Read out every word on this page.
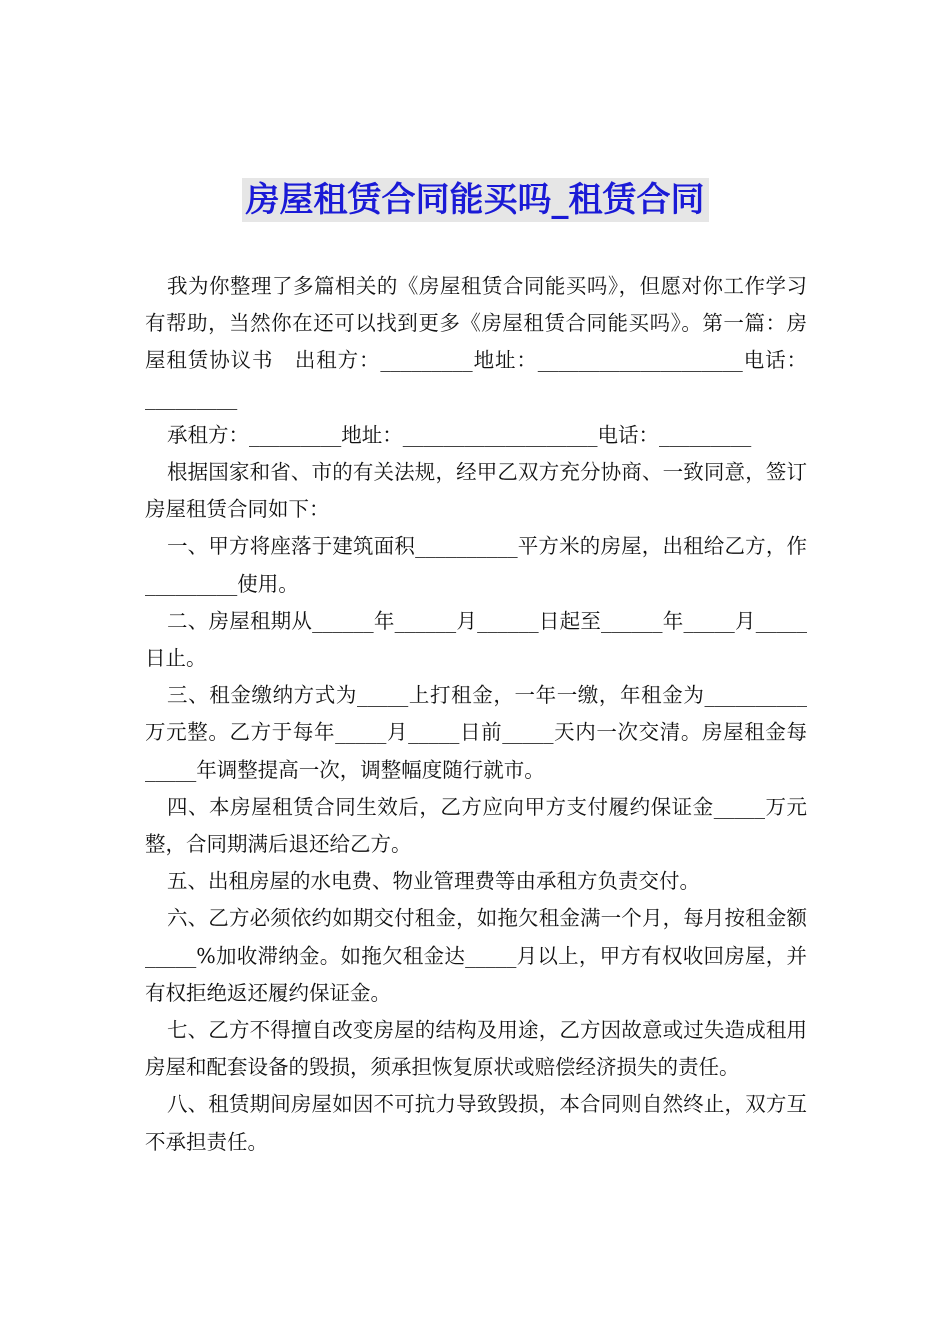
房屋租赁合同能买吗_租赁合同

我为你整理了多篇相关的《房屋租赁合同能买吗》，但愿对你工作学习有帮助，当然你在还可以找到更多《房屋租赁合同能买吗》。第一篇：房屋租赁协议书　出租方：_________地址：____________________电话：_________

承租方：_________地址：___________________电话：_________

根据国家和省、市的有关法规，经甲乙双方充分协商、一致同意，签订房屋租赁合同如下：

一、甲方将座落于建筑面积__________平方米的房屋，出租给乙方，作_________使用。

二、房屋租期从______年______月______日起至______年_____月_____日止。

三、租金缴纳方式为_____上打租金，一年一缴，年租金为__________万元整。乙方于每年_____月_____日前_____天内一次交清。房屋租金每_____年调整提高一次，调整幅度随行就市。

四、本房屋租赁合同生效后，乙方应向甲方支付履约保证金_____万元整，合同期满后退还给乙方。

五、出租房屋的水电费、物业管理费等由承租方负责交付。

六、乙方必须依约如期交付租金，如拖欠租金满一个月，每月按租金额_____%加收滞纳金。如拖欠租金达_____月以上，甲方有权收回房屋，并有权拒绝返还履约保证金。

七、乙方不得擅自改变房屋的结构及用途，乙方因故意或过失造成租用房屋和配套设备的毁损，须承担恢复原状或赔偿经济损失的责任。

八、租赁期间房屋如因不可抗力导致毁损，本合同则自然终止，双方互不承担责任。
